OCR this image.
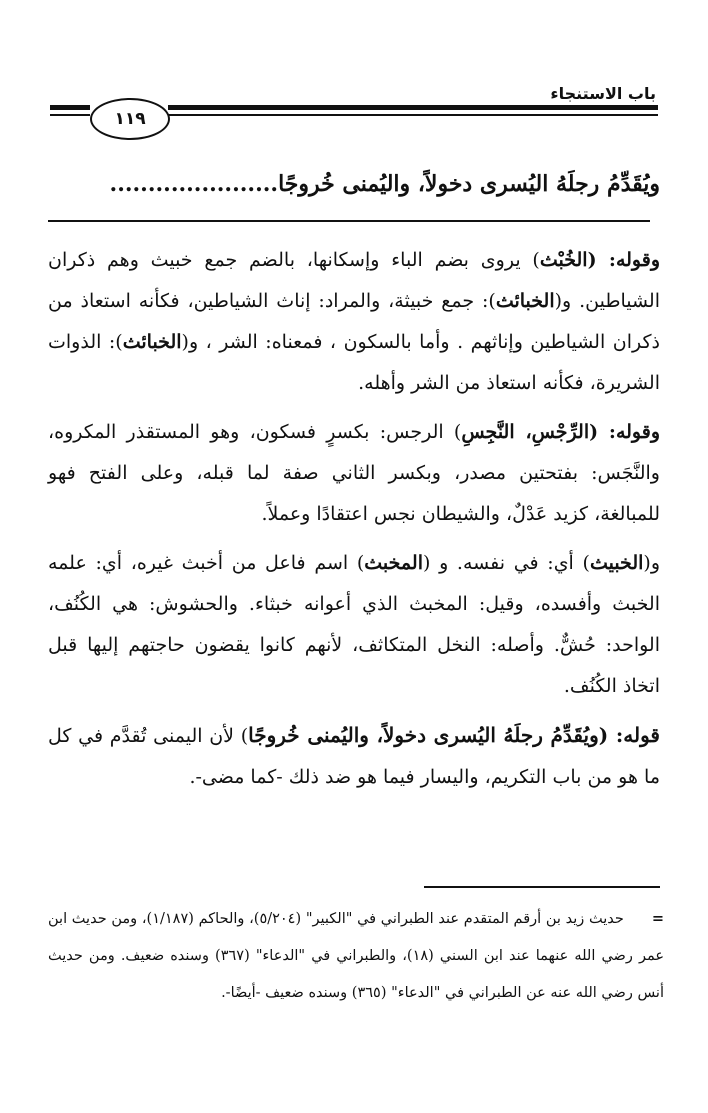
باب الاستنجاء
١١٩

ويُقَدِّمُ رجلَهُ اليُسرى دخولاً، واليُمنى خُروجًا......................

وقوله: (الخُبْث) يروى بضم الباء وإسكانها، بالضم جمع خبيث وهم ذكران الشياطين. و(الخبائث): جمع خبيثة، والمراد: إناث الشياطين، فكأنه استعاذ من ذكران الشياطين وإناثهم . وأما بالسكون ، فمعناه: الشر ، و(الخبائث): الذوات الشريرة، فكأنه استعاذ من الشر وأهله.

وقوله: (الرِّجْسِ، النَّجِسِ) الرجس: بكسرٍ فسكون، وهو المستقذر المكروه، والنَّجَس: بفتحتين مصدر، وبكسر الثاني صفة لما قبله، وعلى الفتح فهو للمبالغة، كزيد عَدْلٌ، والشيطان نجس اعتقادًا وعملاً.

و(الخبيث) أي: في نفسه. و (المخبث) اسم فاعل من أخبث غيره، أي: علمه الخبث وأفسده، وقيل: المخبث الذي أعوانه خبثاء. والحشوش: هي الكُنُف، الواحد: حُشٌّ. وأصله: النخل المتكاثف، لأنهم كانوا يقضون حاجتهم إليها قبل اتخاذ الكُنُف.

قوله: (ويُقَدِّمُ رجلَهُ اليُسرى دخولاً، واليُمنى خُروجًا) لأن اليمنى تُقدَّم في كل ما هو من باب التكريم، واليسار فيما هو ضد ذلك -كما مضى-.

=حديث زيد بن أرقم المتقدم عند الطبراني في "الكبير" (٥/٢٠٤)، والحاكم (١/١٨٧)، ومن حديث ابن عمر رضي الله عنهما عند ابن السني (١٨)، والطبراني في "الدعاء" (٣٦٧) وسنده ضعيف. ومن حديث أنس رضي الله عنه عن الطبراني في "الدعاء" (٣٦٥) وسنده ضعيف -أيضًا-.
